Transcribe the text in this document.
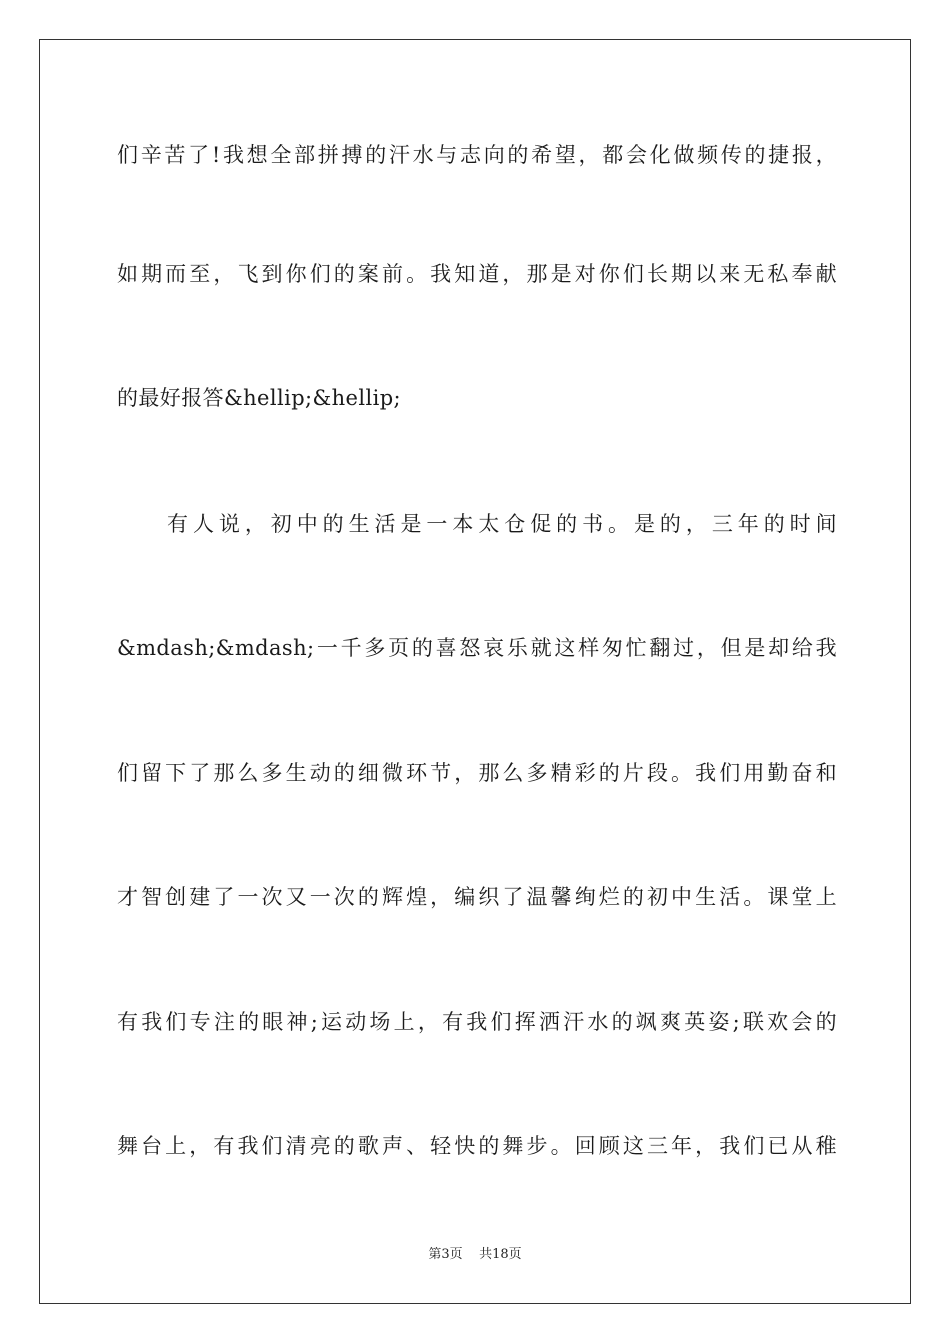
们辛苦了!我想全部拼搏的汗水与志向的希望，都会化做频传的捷报，
如期而至，飞到你们的案前。我知道，那是对你们长期以来无私奉献
的最好报答&hellip;&hellip;
有人说，初中的生活是一本太仓促的书。是的，三年的时间
&mdash;&mdash;一千多页的喜怒哀乐就这样匆忙翻过，但是却给我
们留下了那么多生动的细微环节，那么多精彩的片段。我们用勤奋和
才智创建了一次又一次的辉煌，编织了温馨绚烂的初中生活。课堂上
有我们专注的眼神;运动场上，有我们挥洒汗水的飒爽英姿;联欢会的
舞台上，有我们清亮的歌声、轻快的舞步。回顾这三年，我们已从稚
第3页 共18页
